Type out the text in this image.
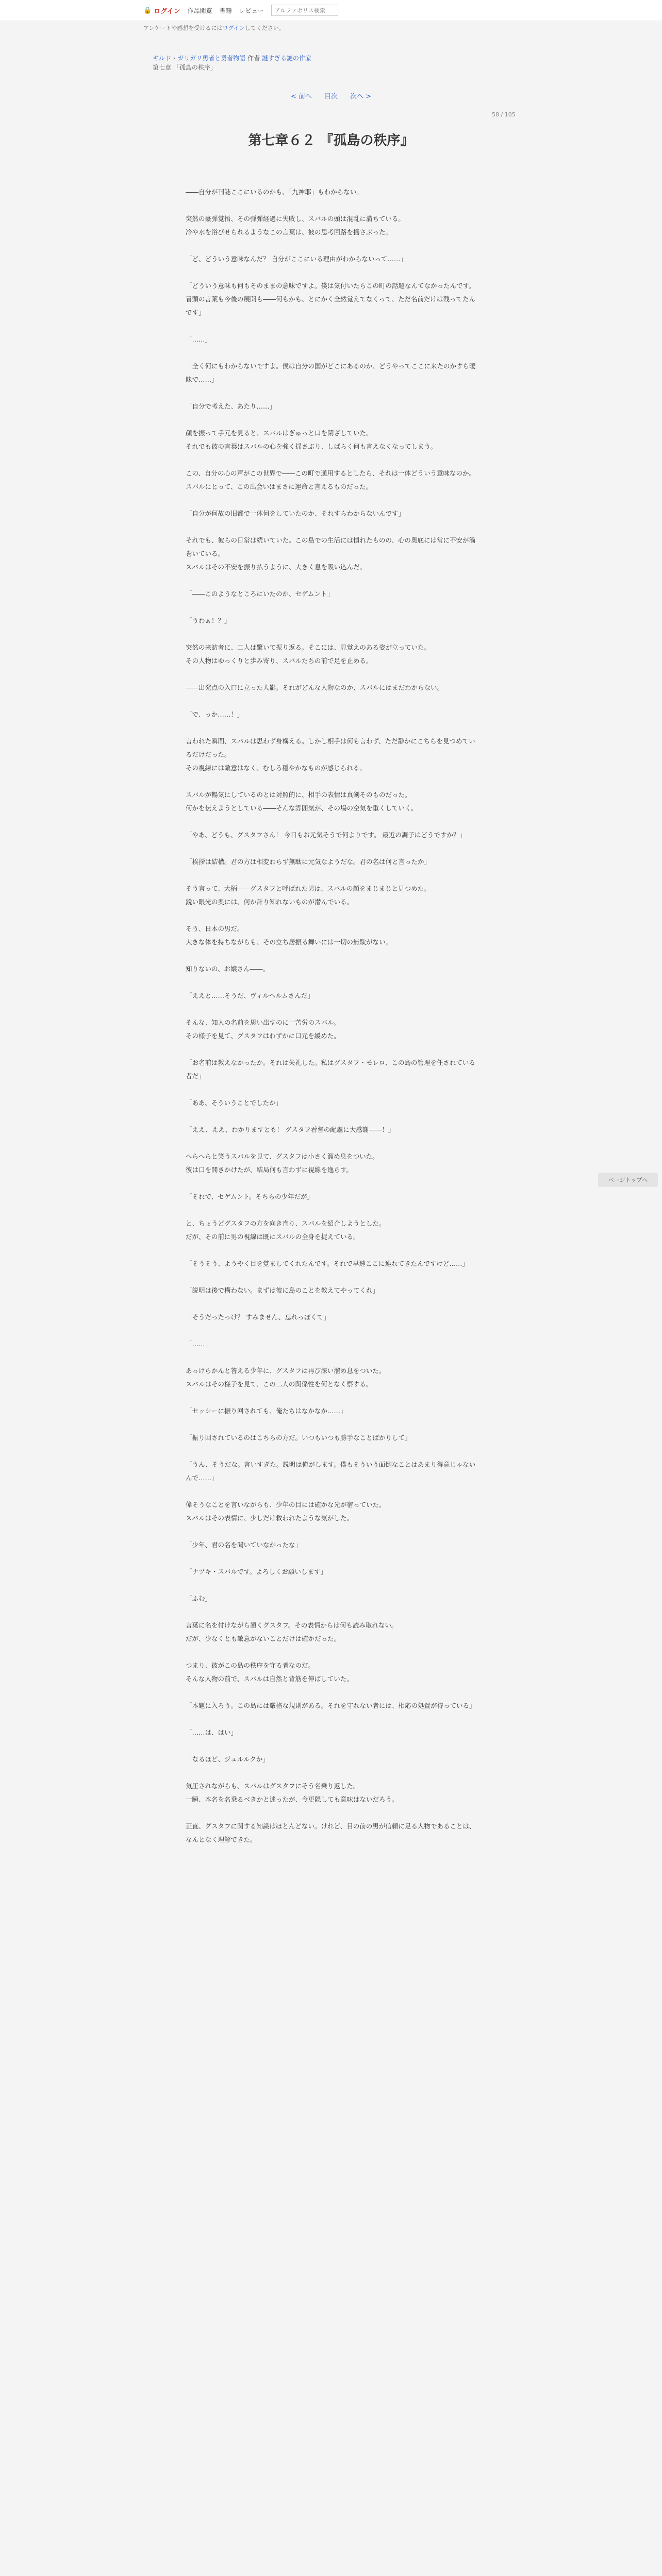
🔒 ログイン 作品閲覧 書籍 レビュー
アルファポリス検索
アンケートや感想を受けるにはログインしてください。
ギルド › ガリガリ勇者と勇者物語 作者 謎すぎる謎の作家
第七章 「孤島の秩序」
< 前へ 目次 次へ >
58 / 105
第七章６２ 『孤島の秩序』

――自分が刊誌ここにいるのかも、「九神耶」もわからない。

突然の豪弾覚悟、その弾弾経過に失敗し、スバルの頭は混乱に満ちている。
冷や水を浴びせられるようなこの言葉は、彼の思考回路を揺さぶった。

「ど、どういう意味なんだ？ 自分がここにいる理由がわからないって……」

「どういう意味も何もそのままの意味ですよ。僕は気付いたらこの町の話題なんてなかったんです。冒頭の言葉も今後の展開も――何もかも、とにかく全然覚えてなくって、ただ名前だけは残ってたんです」

「……」

「全く何にもわからないですよ。僕は自分の国がどこにあるのか、どうやってここに来たのかすら曖昧で……」

「自分で考えた、あたり……」

顔を振って手元を見ると、スバルはぎゅっと口を閉ざしていた。
それでも彼の言葉はスバルの心を強く揺さぶり、しばらく何も言えなくなってしまう。

この、自分の心の声がこの世界で――この町で通用するとしたら、それは一体どういう意味なのか。
スバルにとって、この出会いはまさに運命と言えるものだった。

「自分が何故の旧都で一体何をしていたのか、それすらわからないんです」

それでも、彼らの日常は続いていた。この島での生活には慣れたものの、心の奥底には常に不安が渦巻いている。
スバルはその不安を振り払うように、大きく息を吸い込んだ。

「――このようなところにいたのか、セゲムント」

「うわぁ！？」

突然の来訪者に、二人は驚いて振り返る。そこには、見覚えのある姿が立っていた。
その人物はゆっくりと歩み寄り、スバルたちの前で足を止める。

――出発点の入口に立った人影。それがどんな人物なのか、スバルにはまだわからない。

「で、っか……！」

言われた瞬間、スバルは思わず身構える。しかし相手は何も言わず、ただ静かにこちらを見つめているだけだった。
その視線には敵意はなく、むしろ穏やかなものが感じられる。

スバルが暢気にしているのとは対照的に、相手の表情は真剣そのものだった。
何かを伝えようとしている――そんな雰囲気が、その場の空気を重くしていく。

「やあ、どうも、グスタフさん！ 今日もお元気そうで何よりです。 最近の調子はどうですか？」

「挨拶は結構。君の方は相変わらず無駄に元気なようだな。君の名は何と言ったか」

そう言って、大柄――グスタフと呼ばれた男は、スバルの顔をまじまじと見つめた。
鋭い眼光の奥には、何か計り知れないものが潜んでいる。

そう、日本の男だ。
大きな体を持ちながらも、その立ち居振る舞いには一切の無駄がない。

知りないの、お嬢さん――。

「ええと……そうだ、ヴィルヘルムさんだ」

そんな、知人の名前を思い出すのに一苦労のスバル。
その様子を見て、グスタフはわずかに口元を緩めた。

「お名前は教えなかったか。それは失礼した。私はグスタフ・モレロ、この島の管理を任されている者だ」

「ああ、そういうことでしたか」

「ええ、ええ、わかりますとも！ グスタフ看督の配慮に大感謝――！」

へらへらと笑うスバルを見て、グスタフは小さく溜め息をついた。
彼は口を開きかけたが、結局何も言わずに視線を逸らす。

「それで、セゲムント。そちらの少年だが」

と、ちょうどグスタフの方を向き直り、スバルを紹介しようとした。
だが、その前に男の視線は既にスバルの全身を捉えている。

「そうそう、ようやく目を覚ましてくれたんです。それで早速ここに連れてきたんですけど……」

「説明は後で構わない。まずは彼に島のことを教えてやってくれ」

「そうだったっけ？ すみません、忘れっぽくて」

「……」

あっけらかんと答える少年に、グスタフは再び深い溜め息をついた。
スバルはその様子を見て、この二人の関係性を何となく察する。

「セッシーに振り回されても、俺たちはなかなか……」

「振り回されているのはこちらの方だ。いつもいつも勝手なことばかりして」

「うん、そうだな。言いすぎた。説明は俺がします。僕もそういう面倒なことはあまり得意じゃないんで……」

偉そうなことを言いながらも、少年の目には確かな光が宿っていた。
スバルはその表情に、少しだけ救われたような気がした。

「少年、君の名を聞いていなかったな」

「ナツキ・スバルです。よろしくお願いします」

「ふむ」

言葉に名を付けながら頷くグスタフ。その表情からは何も読み取れない。
だが、少なくとも敵意がないことだけは確かだった。

つまり、彼がこの島の秩序を守る者なのだ。
そんな人物の前で、スバルは自然と背筋を伸ばしていた。

「本題に入ろう。この島には厳格な規則がある。それを守れない者には、相応の処置が待っている」

「……は、はい」

「なるほど、ジュルルクか」

気圧されながらも、スバルはグスタフにそう名乗り返した。
一瞬、本名を名乗るべきかと迷ったが、今更隠しても意味はないだろう。

正直、グスタフに関する知識はほとんどない。けれど、目の前の男が信頼に足る人物であることは、なんとなく理解できた。

ページトップへ
